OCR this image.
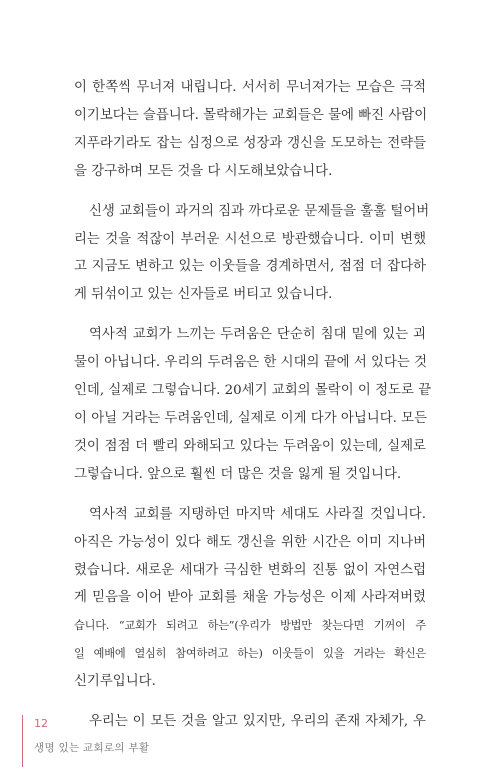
이 한쪽씩 무너져 내립니다. 서서히 무너져가는 모습은 극적
이기보다는 슬픕니다. 몰락해가는 교회들은 물에 빠진 사람이
지푸라기라도 잡는 심정으로 성장과 갱신을 도모하는 전략들
을 강구하며 모든 것을 다 시도해보았습니다.

신생 교회들이 과거의 짐과 까다로운 문제들을 훌훌 털어버
리는 것을 적잖이 부러운 시선으로 방관했습니다. 이미 변했
고 지금도 변하고 있는 이웃들을 경계하면서, 점점 더 잡다하
게 뒤섞이고 있는 신자들로 버티고 있습니다.

역사적 교회가 느끼는 두려움은 단순히 침대 밑에 있는 괴
물이 아닙니다. 우리의 두려움은 한 시대의 끝에 서 있다는 것
인데, 실제로 그렇습니다. 20세기 교회의 몰락이 이 정도로 끝
이 아닐 거라는 두려움인데, 실제로 이게 다가 아닙니다. 모든
것이 점점 더 빨리 와해되고 있다는 두려움이 있는데, 실제로
그렇습니다. 앞으로 훨씬 더 많은 것을 잃게 될 것입니다.

역사적 교회를 지탱하던 마지막 세대도 사라질 것입니다.
아직은 가능성이 있다 해도 갱신을 위한 시간은 이미 지나버
렸습니다. 새로운 세대가 극심한 변화의 진통 없이 자연스럽
게 믿음을 이어 받아 교회를 채울 가능성은 이제 사라져버렸
습니다. “교회가 되려고 하는”(우리가 방법만 찾는다면 기꺼이 주
일 예배에 열심히 참여하려고 하는) 이웃들이 있을 거라는 확신은
신기루입니다.

우리는 이 모든 것을 알고 있지만, 우리의 존재 자체가, 우

12
생명 있는 교회로의 부활
